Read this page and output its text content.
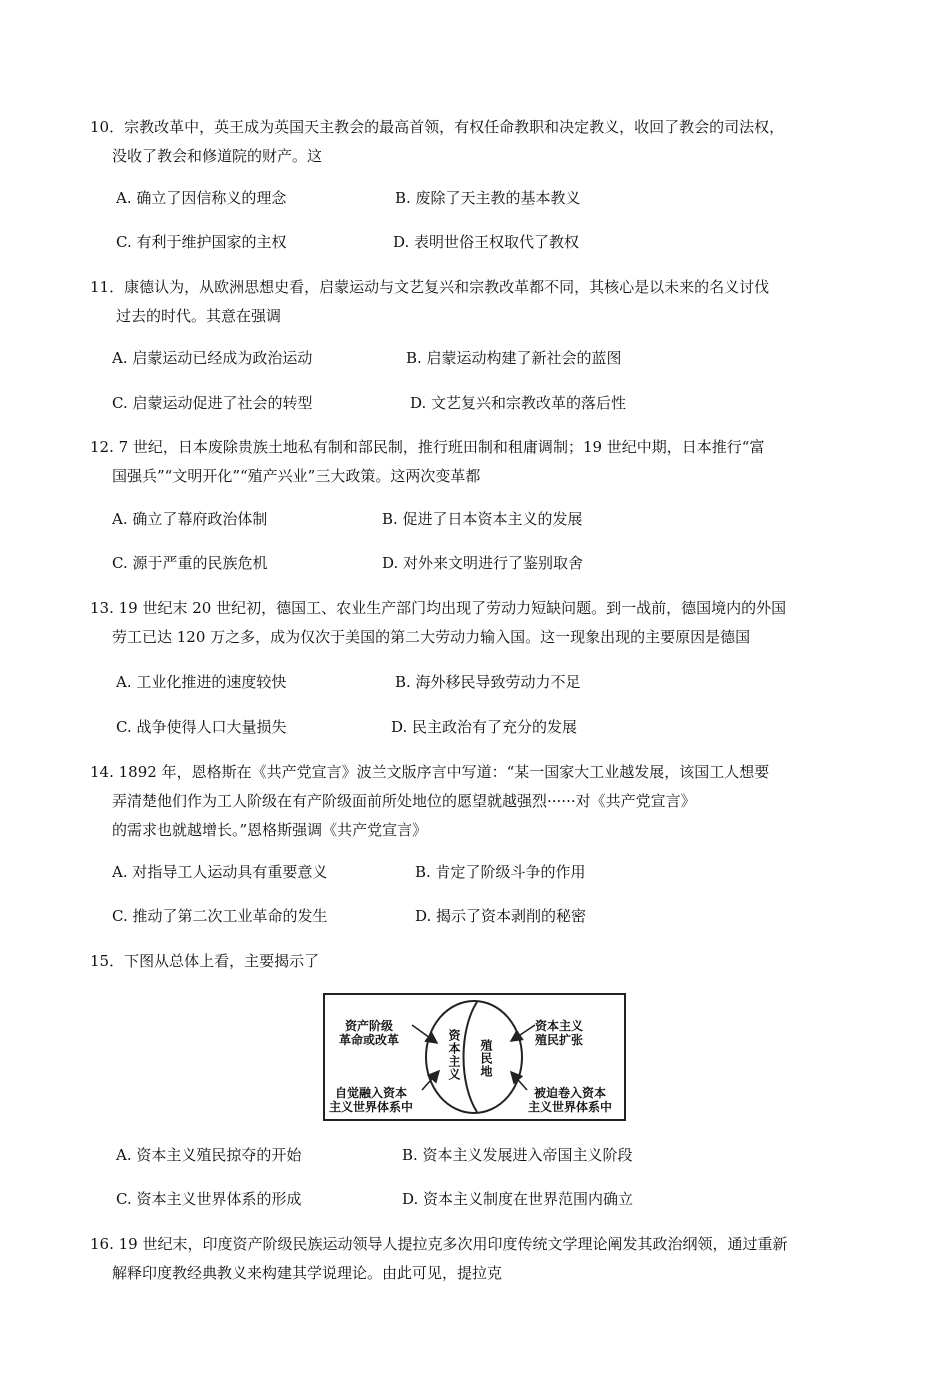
10．宗教改革中，英王成为英国天主教会的最高首领，有权任命教职和决定教义，收回了教会的司法权，
没收了教会和修道院的财产。这
A. 确立了因信称义的理念	B. 废除了天主教的基本教义
C. 有利于维护国家的主权	D. 表明世俗王权取代了教权
11．康德认为，从欧洲思想史看，启蒙运动与文艺复兴和宗教改革都不同，其核心是以未来的名义讨伐
过去的时代。其意在强调
A. 启蒙运动已经成为政治运动	B. 启蒙运动构建了新社会的蓝图
C. 启蒙运动促进了社会的转型	D. 文艺复兴和宗教改革的落后性
12. 7 世纪，日本废除贵族土地私有制和部民制，推行班田制和租庸调制；19 世纪中期，日本推行“富
国强兵”“文明开化”“殖产兴业”三大政策。这两次变革都
A. 确立了幕府政治体制	B. 促进了日本资本主义的发展
C. 源于严重的民族危机	D. 对外来文明进行了鉴别取舍
13. 19 世纪末 20 世纪初，德国工、农业生产部门均出现了劳动力短缺问题。到一战前，德国境内的外国
劳工已达 120 万之多，成为仅次于美国的第二大劳动力输入国。这一现象出现的主要原因是德国
A. 工业化推进的速度较快	B. 海外移民导致劳动力不足
C. 战争使得人口大量损失	D. 民主政治有了充分的发展
14. 1892 年，恩格斯在《共产党宣言》波兰文版序言中写道：“某一国家大工业越发展，该国工人想要
弄清楚他们作为工人阶级在有产阶级面前所处地位的愿望就越强烈······对《共产党宣言》
的需求也就越增长。”恩格斯强调《共产党宣言》
A. 对指导工人运动具有重要意义	B. 肯定了阶级斗争的作用
C. 推动了第二次工业革命的发生	D. 揭示了资本剥削的秘密
15．下图从总体上看，主要揭示了
资产阶级
革命或改革
自觉融入资本
主义世界体系中
资本主义
殖民扩张
被迫卷入资本
主义世界体系中
资本主义 殖民地
A. 资本主义殖民掠夺的开始	B. 资本主义发展进入帝国主义阶段
C. 资本主义世界体系的形成	D. 资本主义制度在世界范围内确立
16. 19 世纪末，印度资产阶级民族运动领导人提拉克多次用印度传统文学理论阐发其政治纲领，通过重新
解释印度教经典教义来构建其学说理论。由此可见，提拉克
